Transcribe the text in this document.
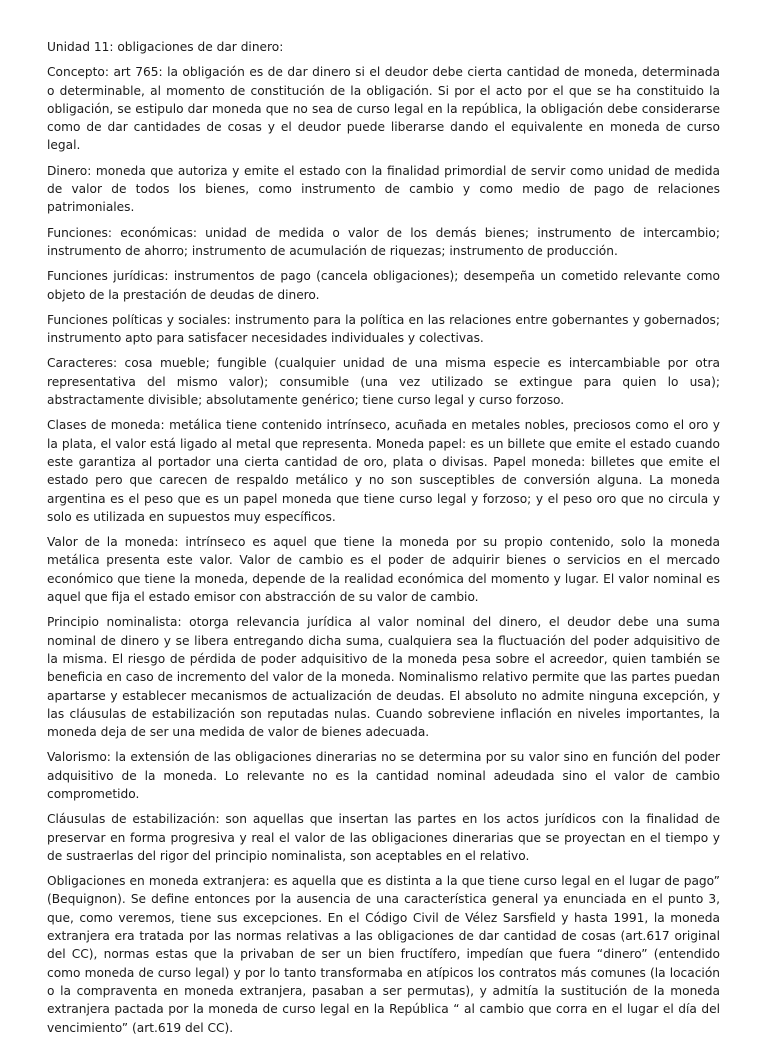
Unidad 11: obligaciones de dar dinero:

Concepto: art 765: la obligación es de dar dinero si el deudor debe cierta cantidad de moneda, determinada o determinable, al momento de constitución de la obligación. Si por el acto por el que se ha constituido la obligación, se estipulo dar moneda que no sea de curso legal en la república, la obligación debe considerarse como de dar cantidades de cosas y el deudor puede liberarse dando el equivalente en moneda de curso legal.

Dinero: moneda que autoriza y emite el estado con la finalidad primordial de servir como unidad de medida de valor de todos los bienes, como instrumento de cambio y como medio de pago de relaciones patrimoniales.

Funciones: económicas: unidad de medida o valor de los demás bienes; instrumento de intercambio; instrumento de ahorro; instrumento de acumulación de riquezas; instrumento de producción.

Funciones jurídicas: instrumentos de pago (cancela obligaciones); desempeña un cometido relevante como objeto de la prestación de deudas de dinero.

Funciones políticas y sociales: instrumento para la política en las relaciones entre gobernantes y gobernados; instrumento apto para satisfacer necesidades individuales y colectivas.

Caracteres: cosa mueble; fungible (cualquier unidad de una misma especie es intercambiable por otra representativa del mismo valor); consumible (una vez utilizado se extingue para quien lo usa); abstractamente divisible; absolutamente genérico; tiene curso legal y curso forzoso.

Clases de moneda: metálica tiene contenido intrínseco, acuñada en metales nobles, preciosos como el oro y la plata, el valor está ligado al metal que representa. Moneda papel: es un billete que emite el estado cuando este garantiza al portador una cierta cantidad de oro, plata o divisas. Papel moneda: billetes que emite el estado pero que carecen de respaldo metálico y no son susceptibles de conversión alguna. La moneda argentina es el peso que es un papel moneda que tiene curso legal y forzoso; y el peso oro que no circula y solo es utilizada en supuestos muy específicos.

Valor de la moneda: intrínseco es aquel que tiene la moneda por su propio contenido, solo la moneda metálica presenta este valor. Valor de cambio es el poder de adquirir bienes o servicios en el mercado económico que tiene la moneda, depende de la realidad económica del momento y lugar. El valor nominal es aquel que fija el estado emisor con abstracción de su valor de cambio.

Principio nominalista: otorga relevancia jurídica al valor nominal del dinero, el deudor debe una suma nominal de dinero y se libera entregando dicha suma, cualquiera sea la fluctuación del poder adquisitivo de la misma. El riesgo de pérdida de poder adquisitivo de la moneda pesa sobre el acreedor, quien también se beneficia en caso de incremento del valor de la moneda. Nominalismo relativo permite que las partes puedan apartarse y establecer mecanismos de actualización de deudas. El absoluto no admite ninguna excepción, y las cláusulas de estabilización son reputadas nulas. Cuando sobreviene inflación en niveles importantes, la moneda deja de ser una medida de valor de bienes adecuada.

Valorismo: la extensión de las obligaciones dinerarias no se determina por su valor sino en función del poder adquisitivo de la moneda. Lo relevante no es la cantidad nominal adeudada sino el valor de cambio comprometido.

Cláusulas de estabilización: son aquellas que insertan las partes en los actos jurídicos con la finalidad de preservar en forma progresiva y real el valor de las obligaciones dinerarias que se proyectan en el tiempo y de sustraerlas del rigor del principio nominalista, son aceptables en el relativo.

Obligaciones en moneda extranjera: es aquella que es distinta a la que tiene curso legal en el lugar de pago” (Bequignon). Se define entonces por la ausencia de una característica general ya enunciada en el punto 3, que, como veremos, tiene sus excepciones. En el Código Civil de Vélez Sarsfield y hasta 1991, la moneda extranjera era tratada por las normas relativas a las obligaciones de dar cantidad de cosas (art.617 original del CC), normas estas que la privaban de ser un bien fructífero, impedían que fuera “dinero” (entendido como moneda de curso legal) y por lo tanto transformaba en atípicos los contratos más comunes (la locación o la compraventa en moneda extranjera, pasaban a ser permutas), y admitía la sustitución de la moneda extranjera pactada por la moneda de curso legal en la República “ al cambio que corra en el lugar el día del vencimiento” (art.619 del CC).
